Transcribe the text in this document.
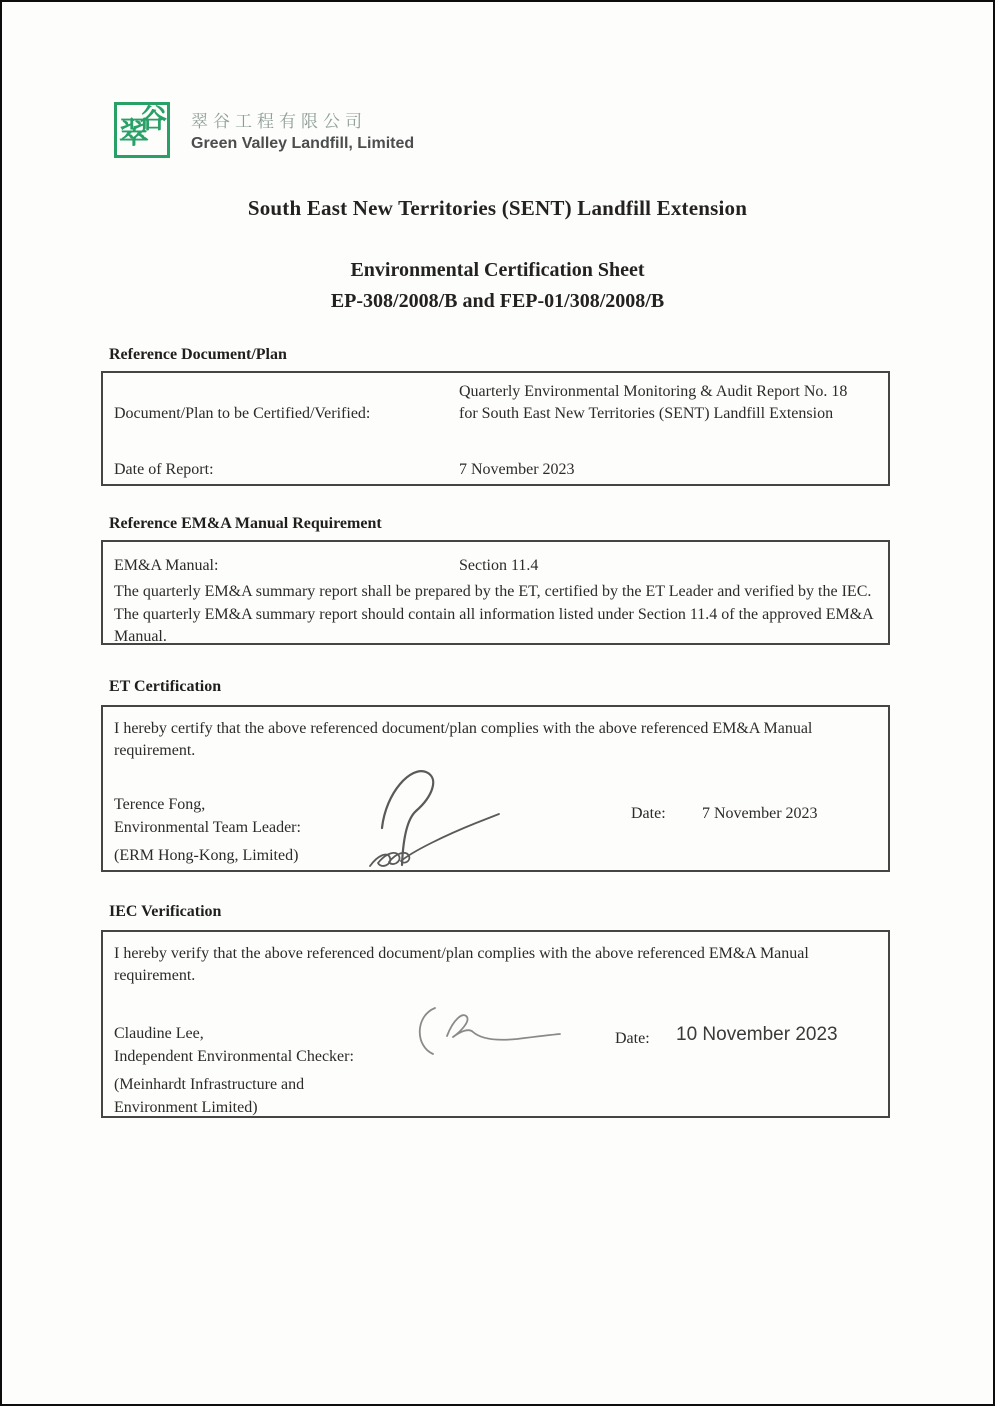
翠
谷 翠谷工程有限公司
Green Valley Landfill, Limited
South East New Territories (SENT) Landfill Extension
Environmental Certification Sheet
EP-308/2008/B and FEP-01/308/2008/B
Reference Document/Plan
Document/Plan to be Certified/Verified:
Quarterly Environmental Monitoring & Audit Report No. 18 for South East New Territories (SENT) Landfill Extension
Date of Report:	7 November 2023
Reference EM&A Manual Requirement
EM&A Manual:	Section 11.4
The quarterly EM&A summary report shall be prepared by the ET, certified by the ET Leader and verified by the IEC. The quarterly EM&A summary report should contain all information listed under Section 11.4 of the approved EM&A Manual.
ET Certification
I hereby certify that the above referenced document/plan complies with the above referenced EM&A Manual requirement.
Terence Fong,
Environmental Team Leader:
(ERM Hong-Kong, Limited)
Date: 7 November 2023
IEC Verification
I hereby verify that the above referenced document/plan complies with the above referenced EM&A Manual requirement.
Claudine Lee,
Independent Environmental Checker:
(Meinhardt Infrastructure and Environment Limited)
Date: 10 November 2023
